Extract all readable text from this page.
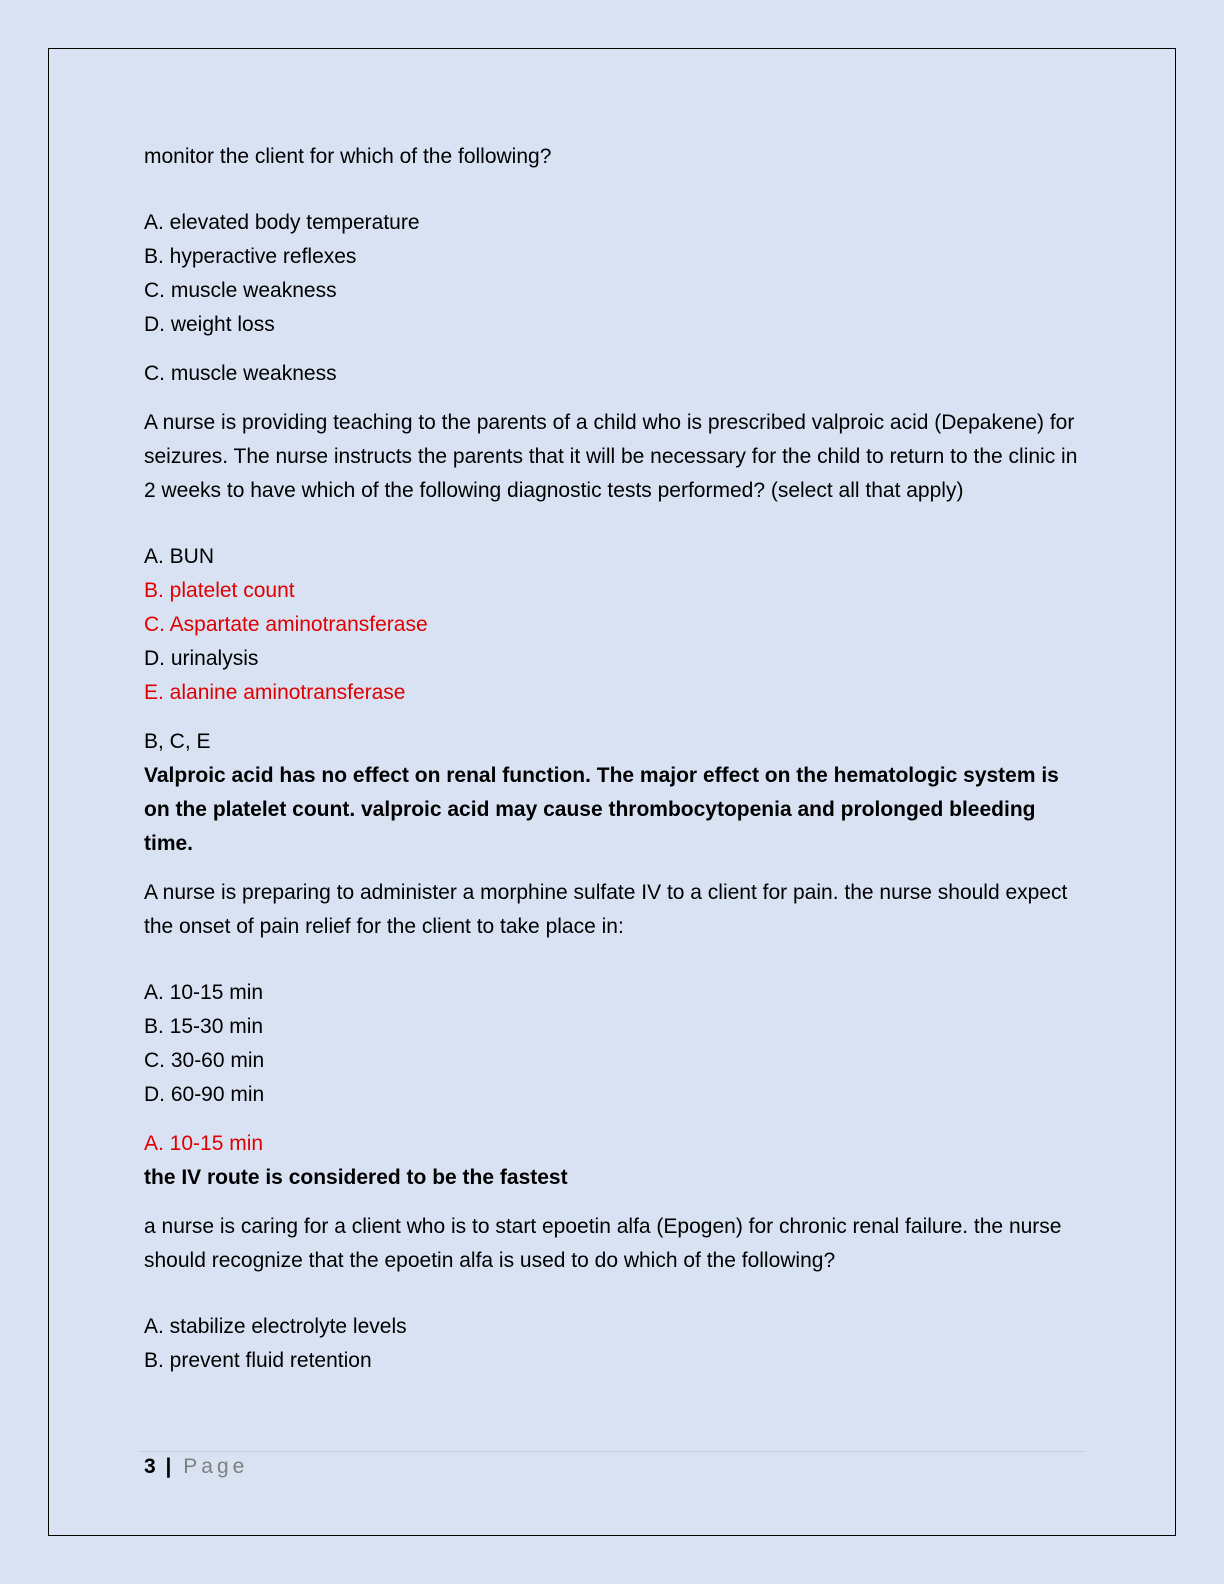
monitor the client for which of the following?

A. elevated body temperature

B. hyperactive reflexes

C. muscle weakness

D. weight loss

C. muscle weakness

A nurse is providing teaching to the parents of a child who is prescribed valproic acid (Depakene) for seizures. The nurse instructs the parents that it will be necessary for the child to return to the clinic in 2 weeks to have which of the following diagnostic tests performed? (select all that apply)

A. BUN

B. platelet count

C. Aspartate aminotransferase

D. urinalysis

E. alanine aminotransferase

B, C, E

Valproic acid has no effect on renal function. The major effect on the hematologic system is on the platelet count. valproic acid may cause thrombocytopenia and prolonged bleeding time.

A nurse is preparing to administer a morphine sulfate IV to a client for pain. the nurse should expect the onset of pain relief for the client to take place in:

A. 10-15 min

B. 15-30 min

C. 30-60 min

D. 60-90 min

A. 10-15 min

the IV route is considered to be the fastest

a nurse is caring for a client who is to start epoetin alfa (Epogen) for chronic renal failure. the nurse should recognize that the epoetin alfa is used to do which of the following?

A. stabilize electrolyte levels

B. prevent fluid retention

3 | Page
